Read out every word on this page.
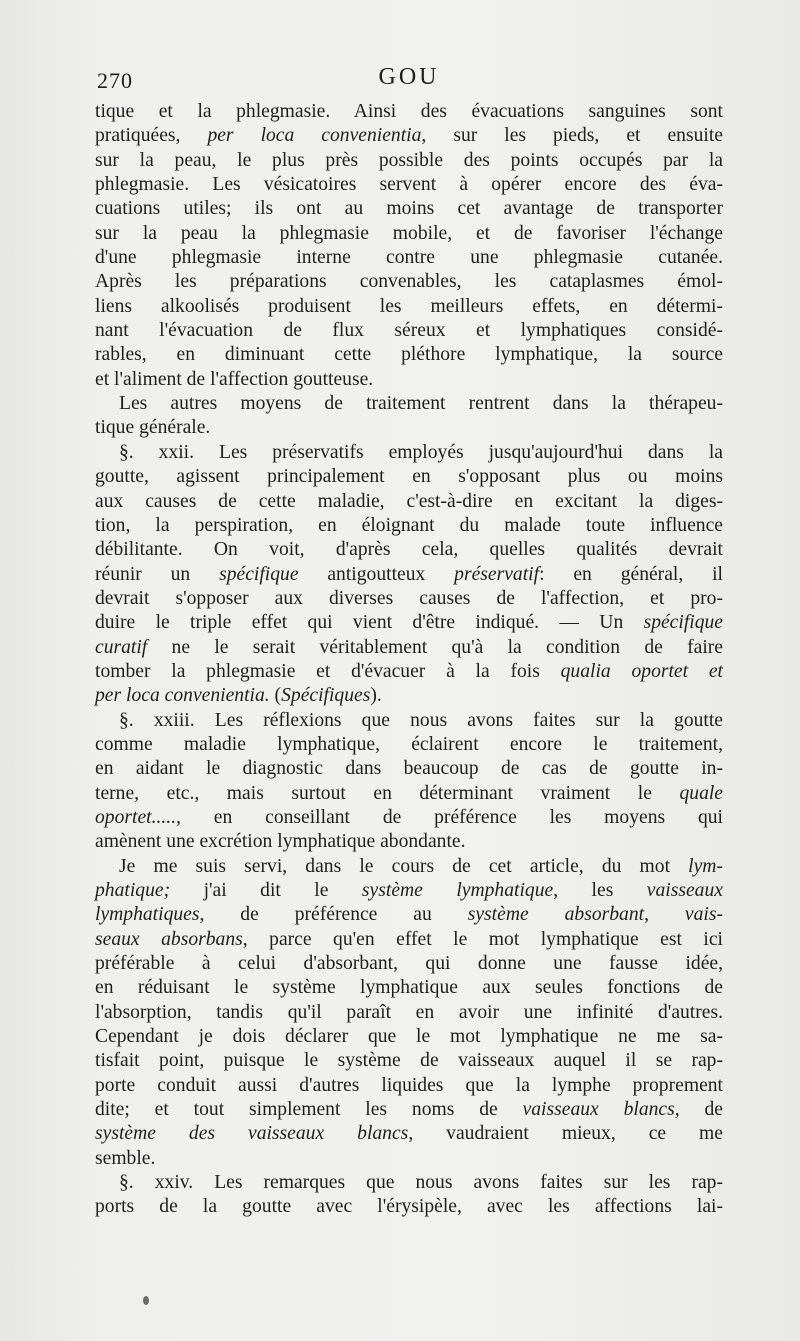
270	GOU
tique et la phlegmasie. Ainsi des évacuations sanguines sont
pratiquées, per loca convenientia, sur les pieds, et ensuite
sur la peau, le plus près possible des points occupés par la
phlegmasie. Les vésicatoires servent à opérer encore des éva-
cuations utiles; ils ont au moins cet avantage de transporter
sur la peau la phlegmasie mobile, et de favoriser l'échange
d'une phlegmasie interne contre une phlegmasie cutanée.
Après les préparations convenables, les cataplasmes émol-
liens alkoolisés produisent les meilleurs effets, en détermi-
nant l'évacuation de flux séreux et lymphatiques considé-
rables, en diminuant cette pléthore lymphatique, la source
et l'aliment de l'affection goutteuse.
Les autres moyens de traitement rentrent dans la thérapeu-
tique générale.
§. xxii. Les préservatifs employés jusqu'aujourd'hui dans la
goutte, agissent principalement en s'opposant plus ou moins
aux causes de cette maladie, c'est-à-dire en excitant la diges-
tion, la perspiration, en éloignant du malade toute influence
débilitante. On voit, d'après cela, quelles qualités devrait
réunir un spécifique antigoutteux préservatif: en général, il
devrait s'opposer aux diverses causes de l'affection, et pro-
duire le triple effet qui vient d'être indiqué. — Un spécifique
curatif ne le serait véritablement qu'à la condition de faire
tomber la phlegmasie et d'évacuer à la fois qualia oportet et
per loca convenientia. (Spécifiques).
§. xxiii. Les réflexions que nous avons faites sur la goutte
comme maladie lymphatique, éclairent encore le traitement,
en aidant le diagnostic dans beaucoup de cas de goutte in-
terne, etc., mais surtout en déterminant vraiment le quale
oportet....., en conseillant de préférence les moyens qui
amènent une excrétion lymphatique abondante.
Je me suis servi, dans le cours de cet article, du mot lym-
phatique; j'ai dit le système lymphatique, les vaisseaux
lymphatiques, de préférence au système absorbant, vais-
seaux absorbans, parce qu'en effet le mot lymphatique est ici
préférable à celui d'absorbant, qui donne une fausse idée,
en réduisant le système lymphatique aux seules fonctions de
l'absorption, tandis qu'il paraît en avoir une infinité d'autres.
Cependant je dois déclarer que le mot lymphatique ne me sa-
tisfait point, puisque le système de vaisseaux auquel il se rap-
porte conduit aussi d'autres liquides que la lymphe proprement
dite; et tout simplement les noms de vaisseaux blancs, de
système des vaisseaux blancs, vaudraient mieux, ce me
semble.
§. xxiv. Les remarques que nous avons faites sur les rap-
ports de la goutte avec l'érysipèle, avec les affections lai-
